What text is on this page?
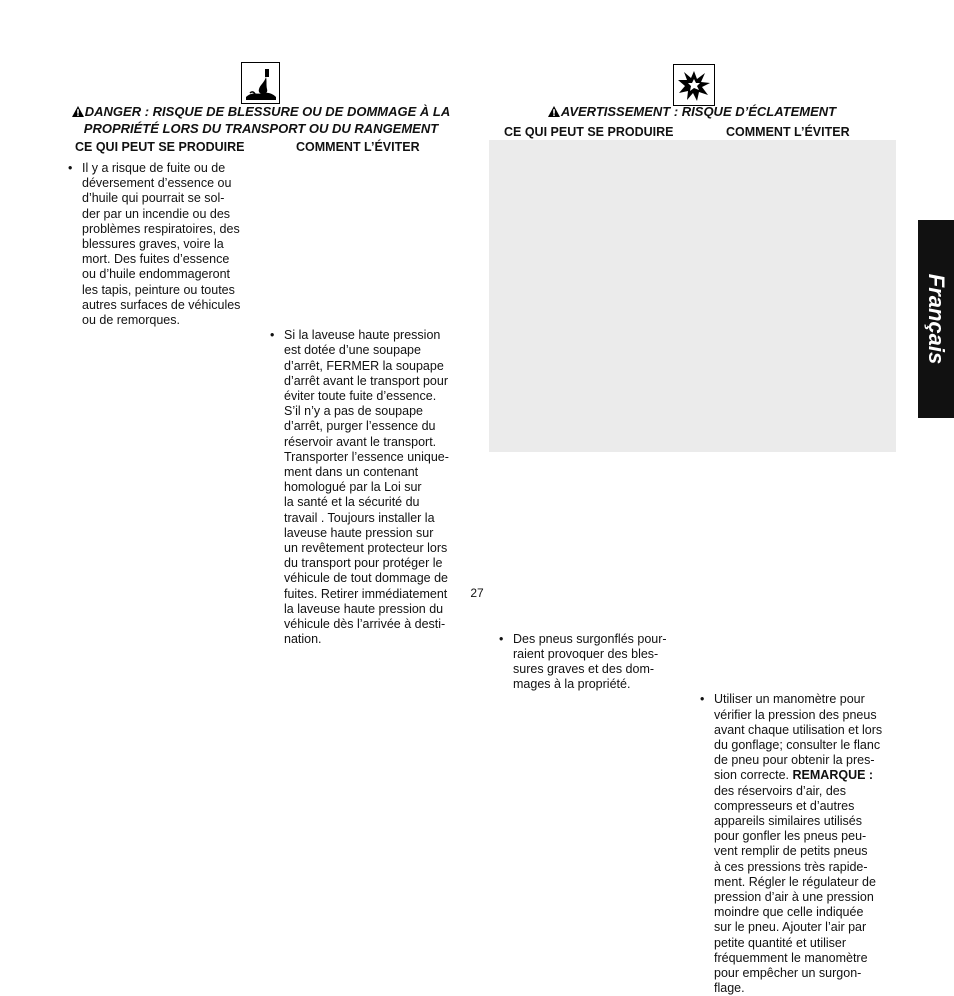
DANGER : RISQUE DE BLESSURE OU DE DOMMAGE À LA
PROPRIÉTÉ LORS DU TRANSPORT OU DU RANGEMENT
CE QUI PEUT SE PRODUIRE	COMMENT L’ÉVITER
• Il y a risque de fuite ou de
déversement d’essence ou
d’huile qui pourrait se sol-
der par un incendie ou des
problèmes respiratoires, des
blessures graves, voire la
mort. Des fuites d’essence
ou d’huile endommageront
les tapis, peinture ou toutes
autres surfaces de véhicules
ou de remorques.
• Si la laveuse haute pression
est dotée d’une soupape
d’arrêt, FERMER la soupape
d’arrêt avant le transport pour
éviter toute fuite d’essence.
S’il n’y a pas de soupape
d’arrêt, purger l’essence du
réservoir avant le transport.
Transporter l’essence unique-
ment dans un contenant
homologué par la Loi sur
la santé et la sécurité du
travail . Toujours installer la
laveuse haute pression sur
un revêtement protecteur lors
du transport pour protéger le
véhicule de tout dommage de
fuites. Retirer immédiatement
la laveuse haute pression du
véhicule dès l’arrivée à desti-
nation.
AVERTISSEMENT : RISQUE D’ÉCLATEMENT
CE QUI PEUT SE PRODUIRE	COMMENT L’ÉVITER
• Des pneus surgonflés pour-
raient provoquer des bles-
sures graves et des dom-
mages à la propriété.
• Utiliser un manomètre pour
vérifier la pression des pneus
avant chaque utilisation et lors
du gonflage; consulter le flanc
de pneu pour obtenir la pres-
sion correcte. REMARQUE :
des réservoirs d’air, des
compresseurs et d’autres
appareils similaires utilisés
pour gonfler les pneus peu-
vent remplir de petits pneus
à ces pressions très rapide-
ment. Régler le régulateur de
pression d’air à une pression
moindre que celle indiquée
sur le pneu. Ajouter l’air par
petite quantité et utiliser
fréquemment le manomètre
pour empêcher un surgon-
flage.
Français
27
